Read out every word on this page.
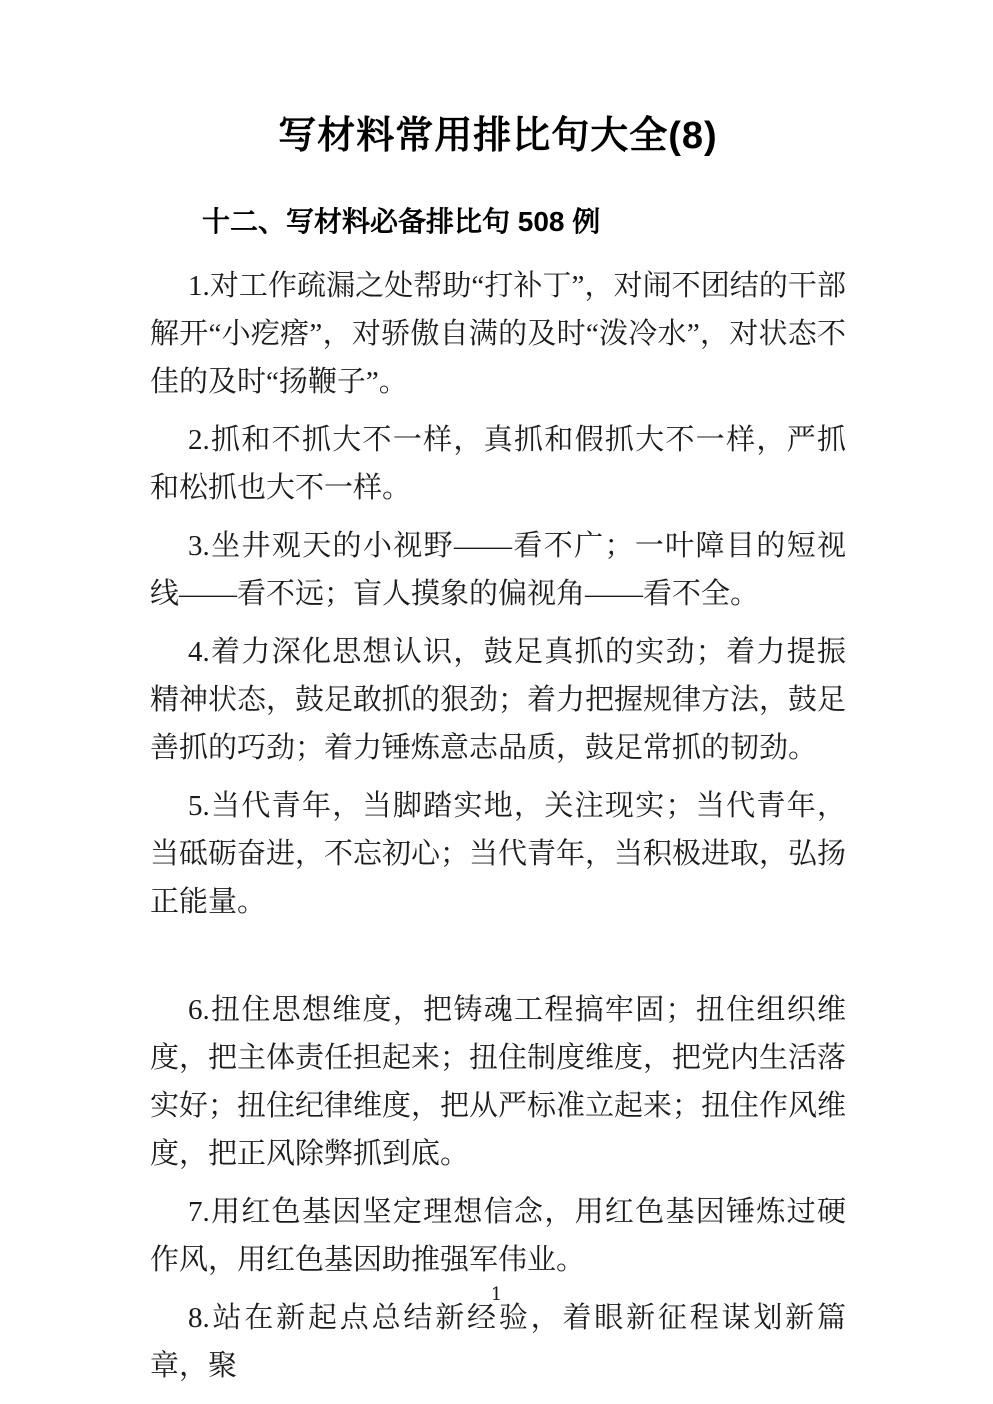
写材料常用排比句大全(8)
十二、写材料必备排比句 508 例

1.对工作疏漏之处帮助“打补丁”，对闹不团结的干部解开“小疙瘩”，对骄傲自满的及时“泼冷水”，对状态不佳的及时“扬鞭子”。

2.抓和不抓大不一样，真抓和假抓大不一样，严抓和松抓也大不一样。

3.坐井观天的小视野——看不广；一叶障目的短视线——看不远；盲人摸象的偏视角——看不全。

4.着力深化思想认识，鼓足真抓的实劲；着力提振精神状态，鼓足敢抓的狠劲；着力把握规律方法，鼓足善抓的巧劲；着力锤炼意志品质，鼓足常抓的韧劲。

5.当代青年，当脚踏实地，关注现实；当代青年，当砥砺奋进，不忘初心；当代青年，当积极进取，弘扬正能量。

6.扭住思想维度，把铸魂工程搞牢固；扭住组织维度，把主体责任担起来；扭住制度维度，把党内生活落实好；扭住纪律维度，把从严标准立起来；扭住作风维度，把正风除弊抓到底。

7.用红色基因坚定理想信念，用红色基因锤炼过硬作风，用红色基因助推强军伟业。

8.站在新起点总结新经验，着眼新征程谋划新篇章，聚

1
